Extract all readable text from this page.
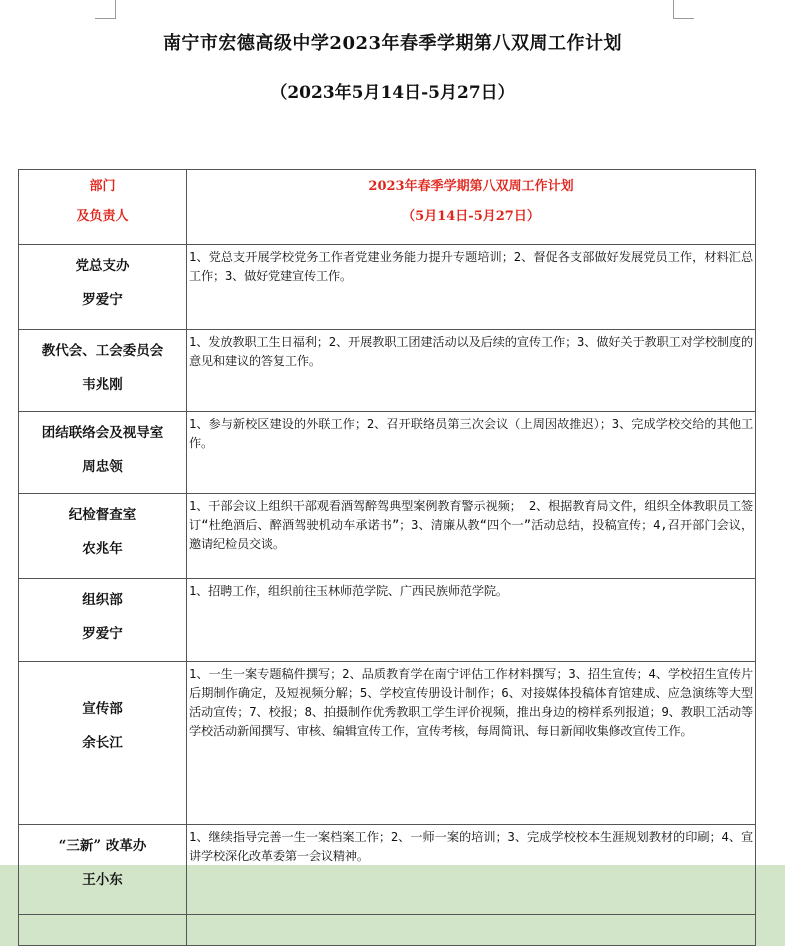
南宁市宏德高级中学2023年春季学期第八双周工作计划
（2023年5月14日-5月27日）
部门
及负责人	2023年春季学期第八双周工作计划
（5月14日-5月27日）

党总支办
罗爱宁	1、党总支开展学校党务工作者党建业务能力提升专题培训；2、督促各支部做好发展党员工作，材料汇总工作；3、做好党建宣传工作。

教代会、工会委员会
韦兆刚	1、发放教职工生日福利；2、开展教职工团建活动以及后续的宣传工作；3、做好关于教职工对学校制度的意见和建议的答复工作。

团结联络会及视导室
周忠领	1、参与新校区建设的外联工作；2、召开联络员第三次会议（上周因故推迟）；3、完成学校交给的其他工作。

纪检督查室
农兆年	1、干部会议上组织干部观看酒驾醉驾典型案例教育警示视频； 2、根据教育局文件，组织全体教职员工签订“杜绝酒后、醉酒驾驶机动车承诺书”；3、清廉从教“四个一”活动总结，投稿宣传；4,召开部门会议，邀请纪检员交谈。

组织部
罗爱宁	1、招聘工作，组织前往玉林师范学院、广西民族师范学院。

宣传部
余长江	1、一生一案专题稿件撰写；2、品质教育学在南宁评估工作材料撰写；3、招生宣传；4、学校招生宣传片后期制作确定，及短视频分解；5、学校宣传册设计制作；6、对接媒体投稿体育馆建成、应急演练等大型活动宣传；7、校报；8、拍摄制作优秀教职工学生评价视频，推出身边的榜样系列报道；9、教职工活动等学校活动新闻撰写、审核、编辑宣传工作，宣传考核，每周简讯、每日新闻收集修改宣传工作。

“三新” 改革办
王小东	1、继续指导完善一生一案档案工作；2、一师一案的培训；3、完成学校校本生涯规划教材的印刷；4、宣讲学校深化改革委第一会议精神。
